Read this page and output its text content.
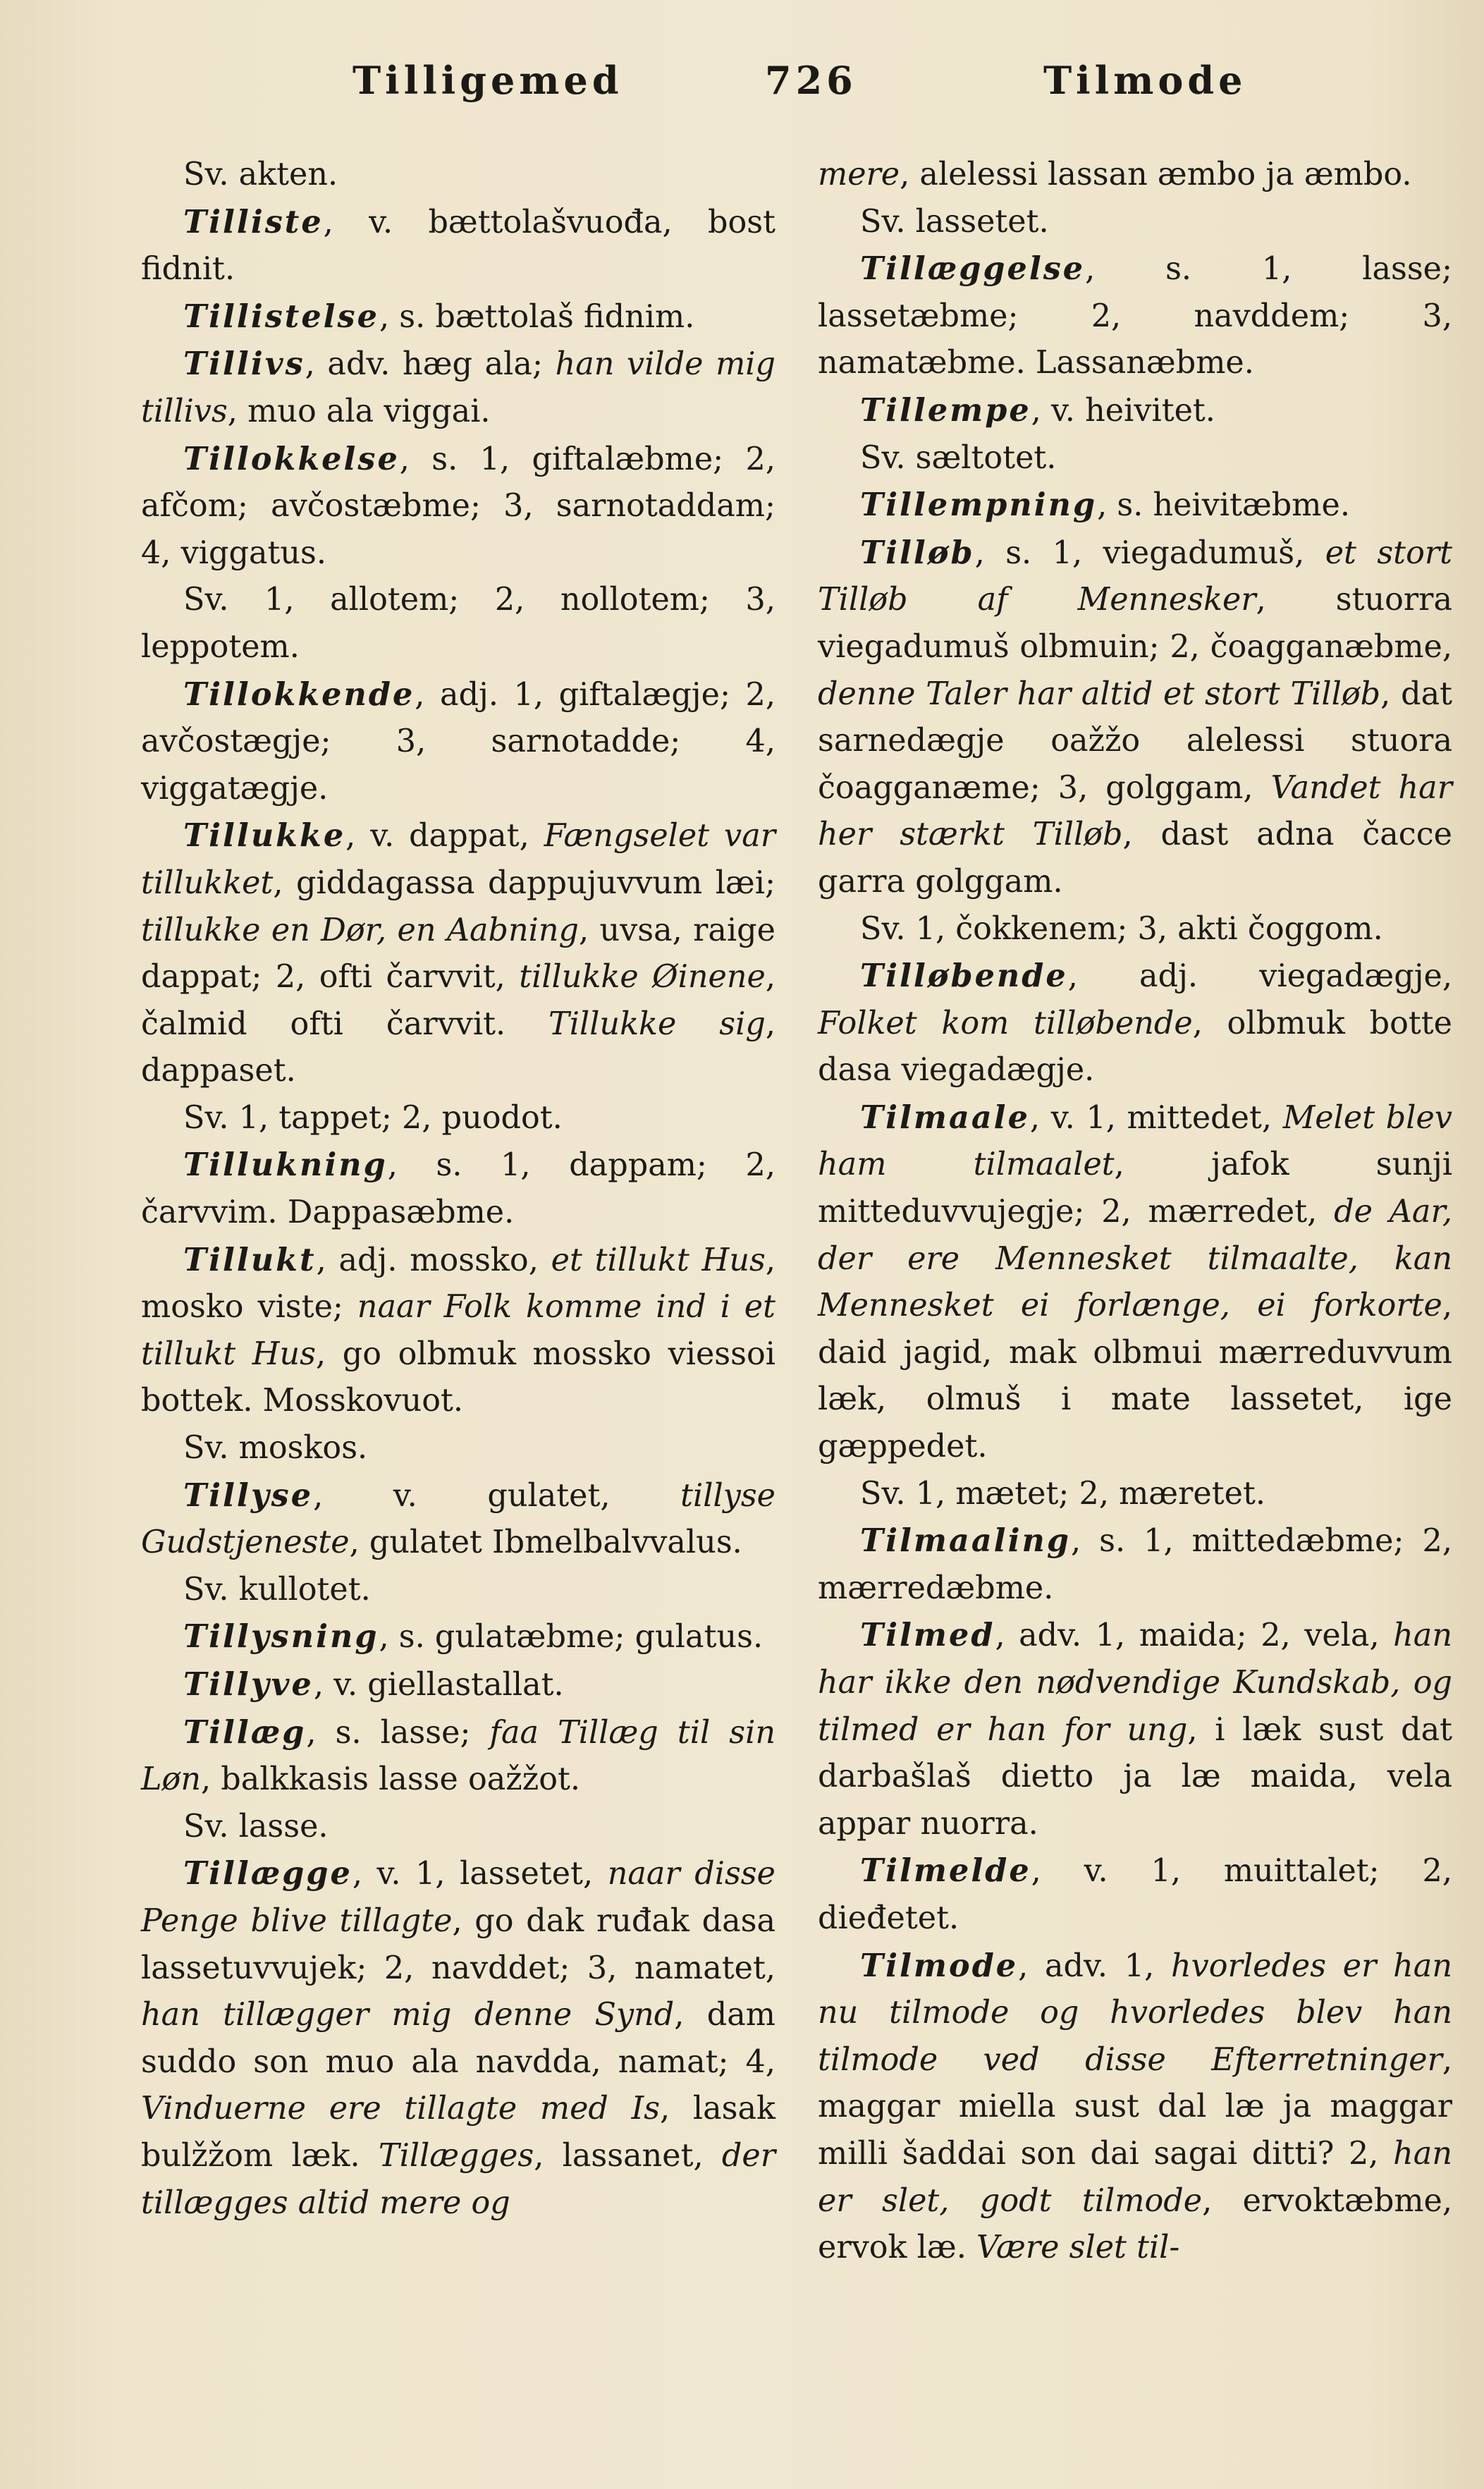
Tilligemed	726	Tilmode

Sv. akten.

Tilliste, v. bættolašvuođa, bost fidnit.

Tillistelse, s. bættolaš fidnim.

Tillivs, adv. hæg ala; han vilde mig tillivs, muo ala viggai.

Tillokkelse, s. 1, giftalæbme; 2, afčom; avčostæbme; 3, sarnotaddam; 4, viggatus.

Sv. 1, allotem; 2, nollotem; 3, leppotem.

Tillokkende, adj. 1, giftalægje; 2, avčostægje; 3, sarnotadde; 4, viggatægje.

Tillukke, v. dappat, Fængselet var tillukket, giddagassa dappujuvvum læi; tillukke en Dør, en Aabning, uvsa, raige dappat; 2, ofti čarvvit, tillukke Øinene, čalmid ofti čarvvit. Tillukke sig, dappaset.

Sv. 1, tappet; 2, puodot.

Tillukning, s. 1, dappam; 2, čarvvim. Dappasæbme.

Tillukt, adj. mossko, et tillukt Hus, mosko viste; naar Folk komme ind i et tillukt Hus, go olbmuk mossko viessoi bottek. Mosskovuot.

Sv. moskos.

Tillyse, v. gulatet, tillyse Gudstjeneste, gulatet Ibmelbalvvalus.

Sv. kullotet.

Tillysning, s. gulatæbme; gulatus.

Tillyve, v. giellastallat.

Tillæg, s. lasse; faa Tillæg til sin Løn, balkkasis lasse oažžot.

Sv. lasse.

Tillægge, v. 1, lassetet, naar disse Penge blive tillagte, go dak ruđak dasa lassetuvvujek; 2, navddet; 3, namatet, han tillægger mig denne Synd, dam suddo son muo ala navdda, namat; 4, Vinduerne ere tillagte med Is, lasak bulžžom læk. Tillægges, lassanet, der tillægges altid mere og

mere, alelessi lassan æmbo ja æmbo.

Sv. lassetet.

Tillæggelse, s. 1, lasse; lassetæbme; 2, navddem; 3, namatæbme. Lassanæbme.

Tillempe, v. heivitet.

Sv. sæltotet.

Tillempning, s. heivitæbme.

Tilløb, s. 1, viegadumuš, et stort Tilløb af Mennesker, stuorra viegadumuš olbmuin; 2, čoagganæbme, denne Taler har altid et stort Tilløb, dat sarnedægje oažžo alelessi stuora čoagganæme; 3, golggam, Vandet har her stærkt Tilløb, dast adna čacce garra golggam.

Sv. 1, čokkenem; 3, akti čoggom.

Tilløbende, adj. viegadægje, Folket kom tilløbende, olbmuk botte dasa viegadægje.

Tilmaale, v. 1, mittedet, Melet blev ham tilmaalet, jafok sunji mitteduvvujegje; 2, mærredet, de Aar, der ere Mennesket tilmaalte, kan Mennesket ei forlænge, ei forkorte, daid jagid, mak olbmui mærreduvvum læk, olmuš i mate lassetet, ige gæppedet.

Sv. 1, mætet; 2, mæretet.

Tilmaaling, s. 1, mittedæbme; 2, mærredæbme.

Tilmed, adv. 1, maida; 2, vela, han har ikke den nødvendige Kundskab, og tilmed er han for ung, i læk sust dat darbašlaš dietto ja læ maida, vela appar nuorra.

Tilmelde, v. 1, muittalet; 2, dieđetet.

Tilmode, adv. 1, hvorledes er han nu tilmode og hvorledes blev han tilmode ved disse Efterretninger, maggar miella sust dal læ ja maggar milli šaddai son dai sagai ditti? 2, han er slet, godt tilmode, ervoktæbme, ervok læ. Være slet til-
